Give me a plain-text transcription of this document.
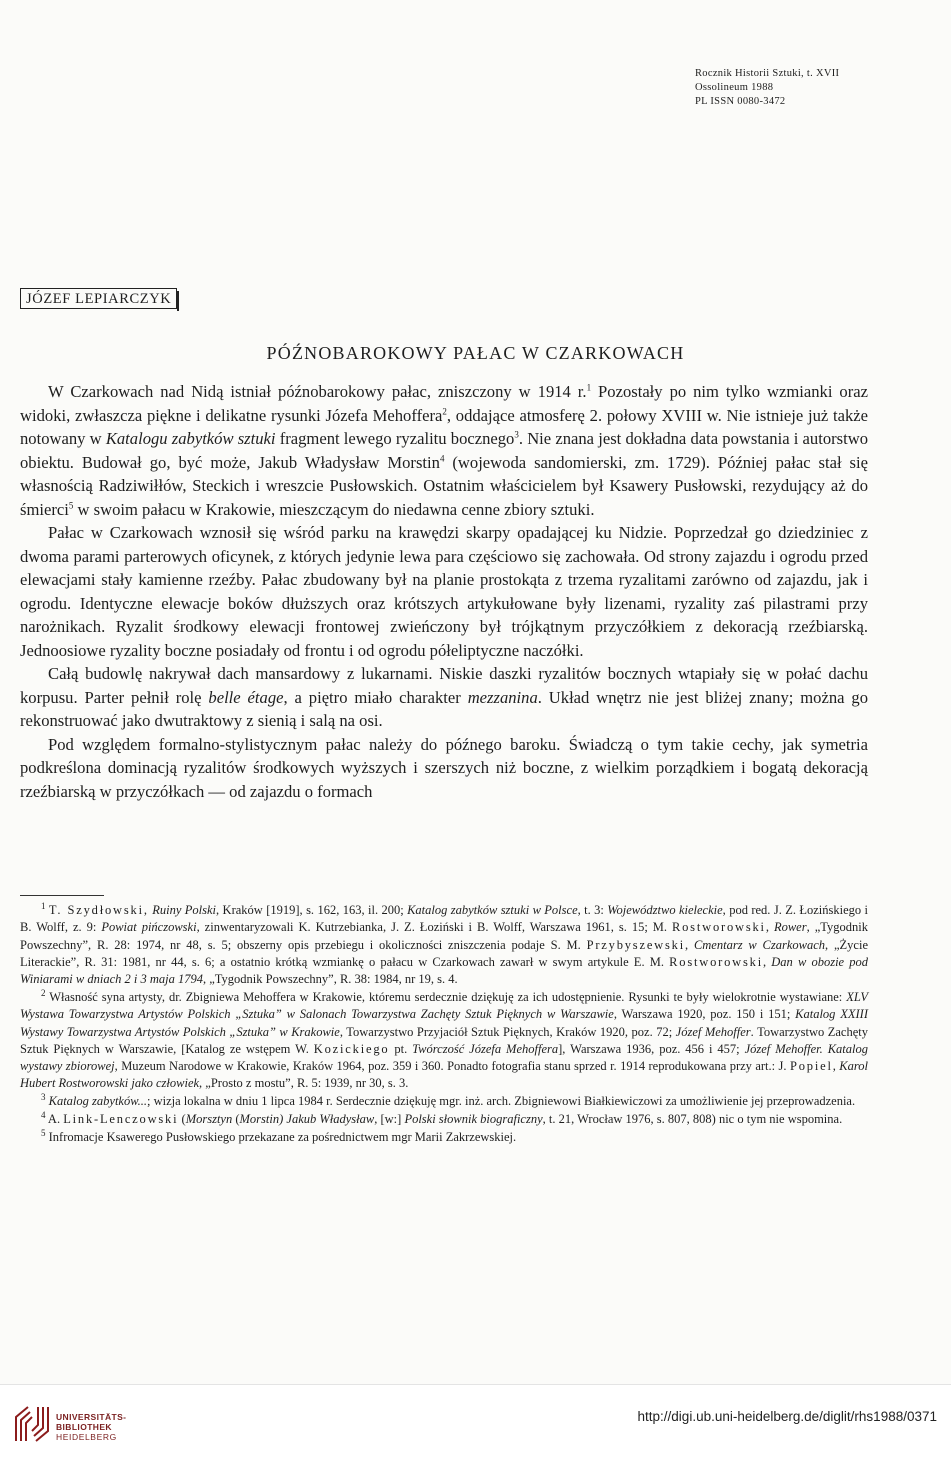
Rocznik Historii Sztuki, t. XVII
Ossolineum 1988
PL ISSN 0080-3472
JÓZEF LEPIARCZYK
PÓŹNOBAROKOWY PAŁAC W CZARKOWACH

W Czarkowach nad Nidą istniał późnobarokowy pałac, zniszczony w 1914 r.$^1$ Pozostały po nim tylko wzmianki oraz widoki, zwłaszcza piękne i delikatne rysunki Józefa Mehoffera$^2$, oddające atmosferę 2. połowy XVIII w. Nie istnieje już także notowany w Katalogu zabytków sztuki fragment lewego ryzalitu bocznego$^3$. Nie znana jest dokładna data powstania i autorstwo obiektu. Budował go, być może, Jakub Władysław Morstin$^4$ (wojewoda sandomierski, zm. 1729). Później pałac stał się własnością Radziwiłłów, Steckich i wreszcie Pusłowskich. Ostatnim właścicielem był Ksawery Pusłowski, rezydujący aż do śmierci$^5$ w swoim pałacu w Krakowie, mieszczącym do niedawna cenne zbiory sztuki.

Pałac w Czarkowach wznosił się wśród parku na krawędzi skarpy opadającej ku Nidzie. Poprzedzał go dziedziniec z dwoma parami parterowych oficynek, z których jedynie lewa para częściowo się zachowała. Od strony zajazdu i ogrodu przed elewacjami stały kamienne rzeźby. Pałac zbudowany był na planie prostokąta z trzema ryzalitami zarówno od zajazdu, jak i ogrodu. Identyczne elewacje boków dłuższych oraz krótszych artykułowane były lizenami, ryzality zaś pilastrami przy narożnikach. Ryzalit środkowy elewacji frontowej zwieńczony był trójkątnym przyczółkiem z dekoracją rzeźbiarską. Jednoosiowe ryzality boczne posiadały od frontu i od ogrodu półeliptyczne naczółki.

Całą budowlę nakrywał dach mansardowy z lukarnami. Niskie daszki ryzalitów bocznych wtapiały się w połać dachu korpusu. Parter pełnił rolę belle étage, a piętro miało charakter mezzanina. Układ wnętrz nie jest bliżej znany; można go rekonstruować jako dwutraktowy z sienią i salą na osi.

Pod względem formalno-stylistycznym pałac należy do późnego baroku. Świadczą o tym takie cechy, jak symetria podkreślona dominacją ryzalitów środkowych wyższych i szerszych niż boczne, z wielkim porządkiem i bogatą dekoracją rzeźbiarską w przyczółkach — od zajazdu o formach

$^1$ T. Szydłowski, Ruiny Polski, Kraków [1919], s. 162, 163, il. 200; Katalog zabytków sztuki w Polsce, t. 3: Województwo kieleckie, pod red. J. Z. Łozińskiego i B. Wolff, z. 9: Powiat pińczowski, zinwentaryzowali K. Kutrzebianka, J. Z. Łoziński i B. Wolff, Warszawa 1961, s. 15; M. Rostworowski, Rower, „Tygodnik Powszechny”, R. 28: 1974, nr 48, s. 5; obszerny opis przebiegu i okoliczności zniszczenia podaje S. M. Przybyszewski, Cmentarz w Czarkowach, „Życie Literackie”, R. 31: 1981, nr 44, s. 6; a ostatnio krótką wzmiankę o pałacu w Czarkowach zawarł w swym artykule E. M. Rostworowski, Dan w obozie pod Winiarami w dniach 2 i 3 maja 1794, „Tygodnik Powszechny”, R. 38: 1984, nr 19, s. 4.

$^2$ Własność syna artysty, dr. Zbigniewa Mehoffera w Krakowie, któremu serdecznie dziękuję za ich udostępnienie. Rysunki te były wielokrotnie wystawiane: XLV Wystawa Towarzystwa Artystów Polskich „Sztuka” w Salonach Towarzystwa Zachęty Sztuk Pięknych w Warszawie, Warszawa 1920, poz. 150 i 151; Katalog XXIII Wystawy Towarzystwa Artystów Polskich „Sztuka” w Krakowie, Towarzystwo Przyjaciół Sztuk Pięknych, Kraków 1920, poz. 72; Józef Mehoffer. Towarzystwo Zachęty Sztuk Pięknych w Warszawie, [Katalog ze wstępem W. Kozickiego pt. Twórczość Józefa Mehoffera], Warszawa 1936, poz. 456 i 457; Józef Mehoffer. Katalog wystawy zbiorowej, Muzeum Narodowe w Krakowie, Kraków 1964, poz. 359 i 360. Ponadto fotografia stanu sprzed r. 1914 reprodukowana przy art.: J. Popiel, Karol Hubert Rostworowski jako człowiek, „Prosto z mostu”, R. 5: 1939, nr 30, s. 3.

$^3$ Katalog zabytków...; wizja lokalna w dniu 1 lipca 1984 r. Serdecznie dziękuję mgr. inż. arch. Zbigniewowi Białkiewiczowi za umożliwienie jej przeprowadzenia.

$^4$ A. Link-Lenczowski (Morsztyn (Morstin) Jakub Władysław, [w:] Polski słownik biograficzny, t. 21, Wrocław 1976, s. 807, 808) nic o tym nie wspomina.

$^5$ Infromacje Ksawerego Pusłowskiego przekazane za pośrednictwem mgr Marii Zakrzewskiej.

UNIVERSITÄTS-
BIBLIOTHEK
HEIDELBERG
http://digi.ub.uni-heidelberg.de/diglit/rhs1988/0371
